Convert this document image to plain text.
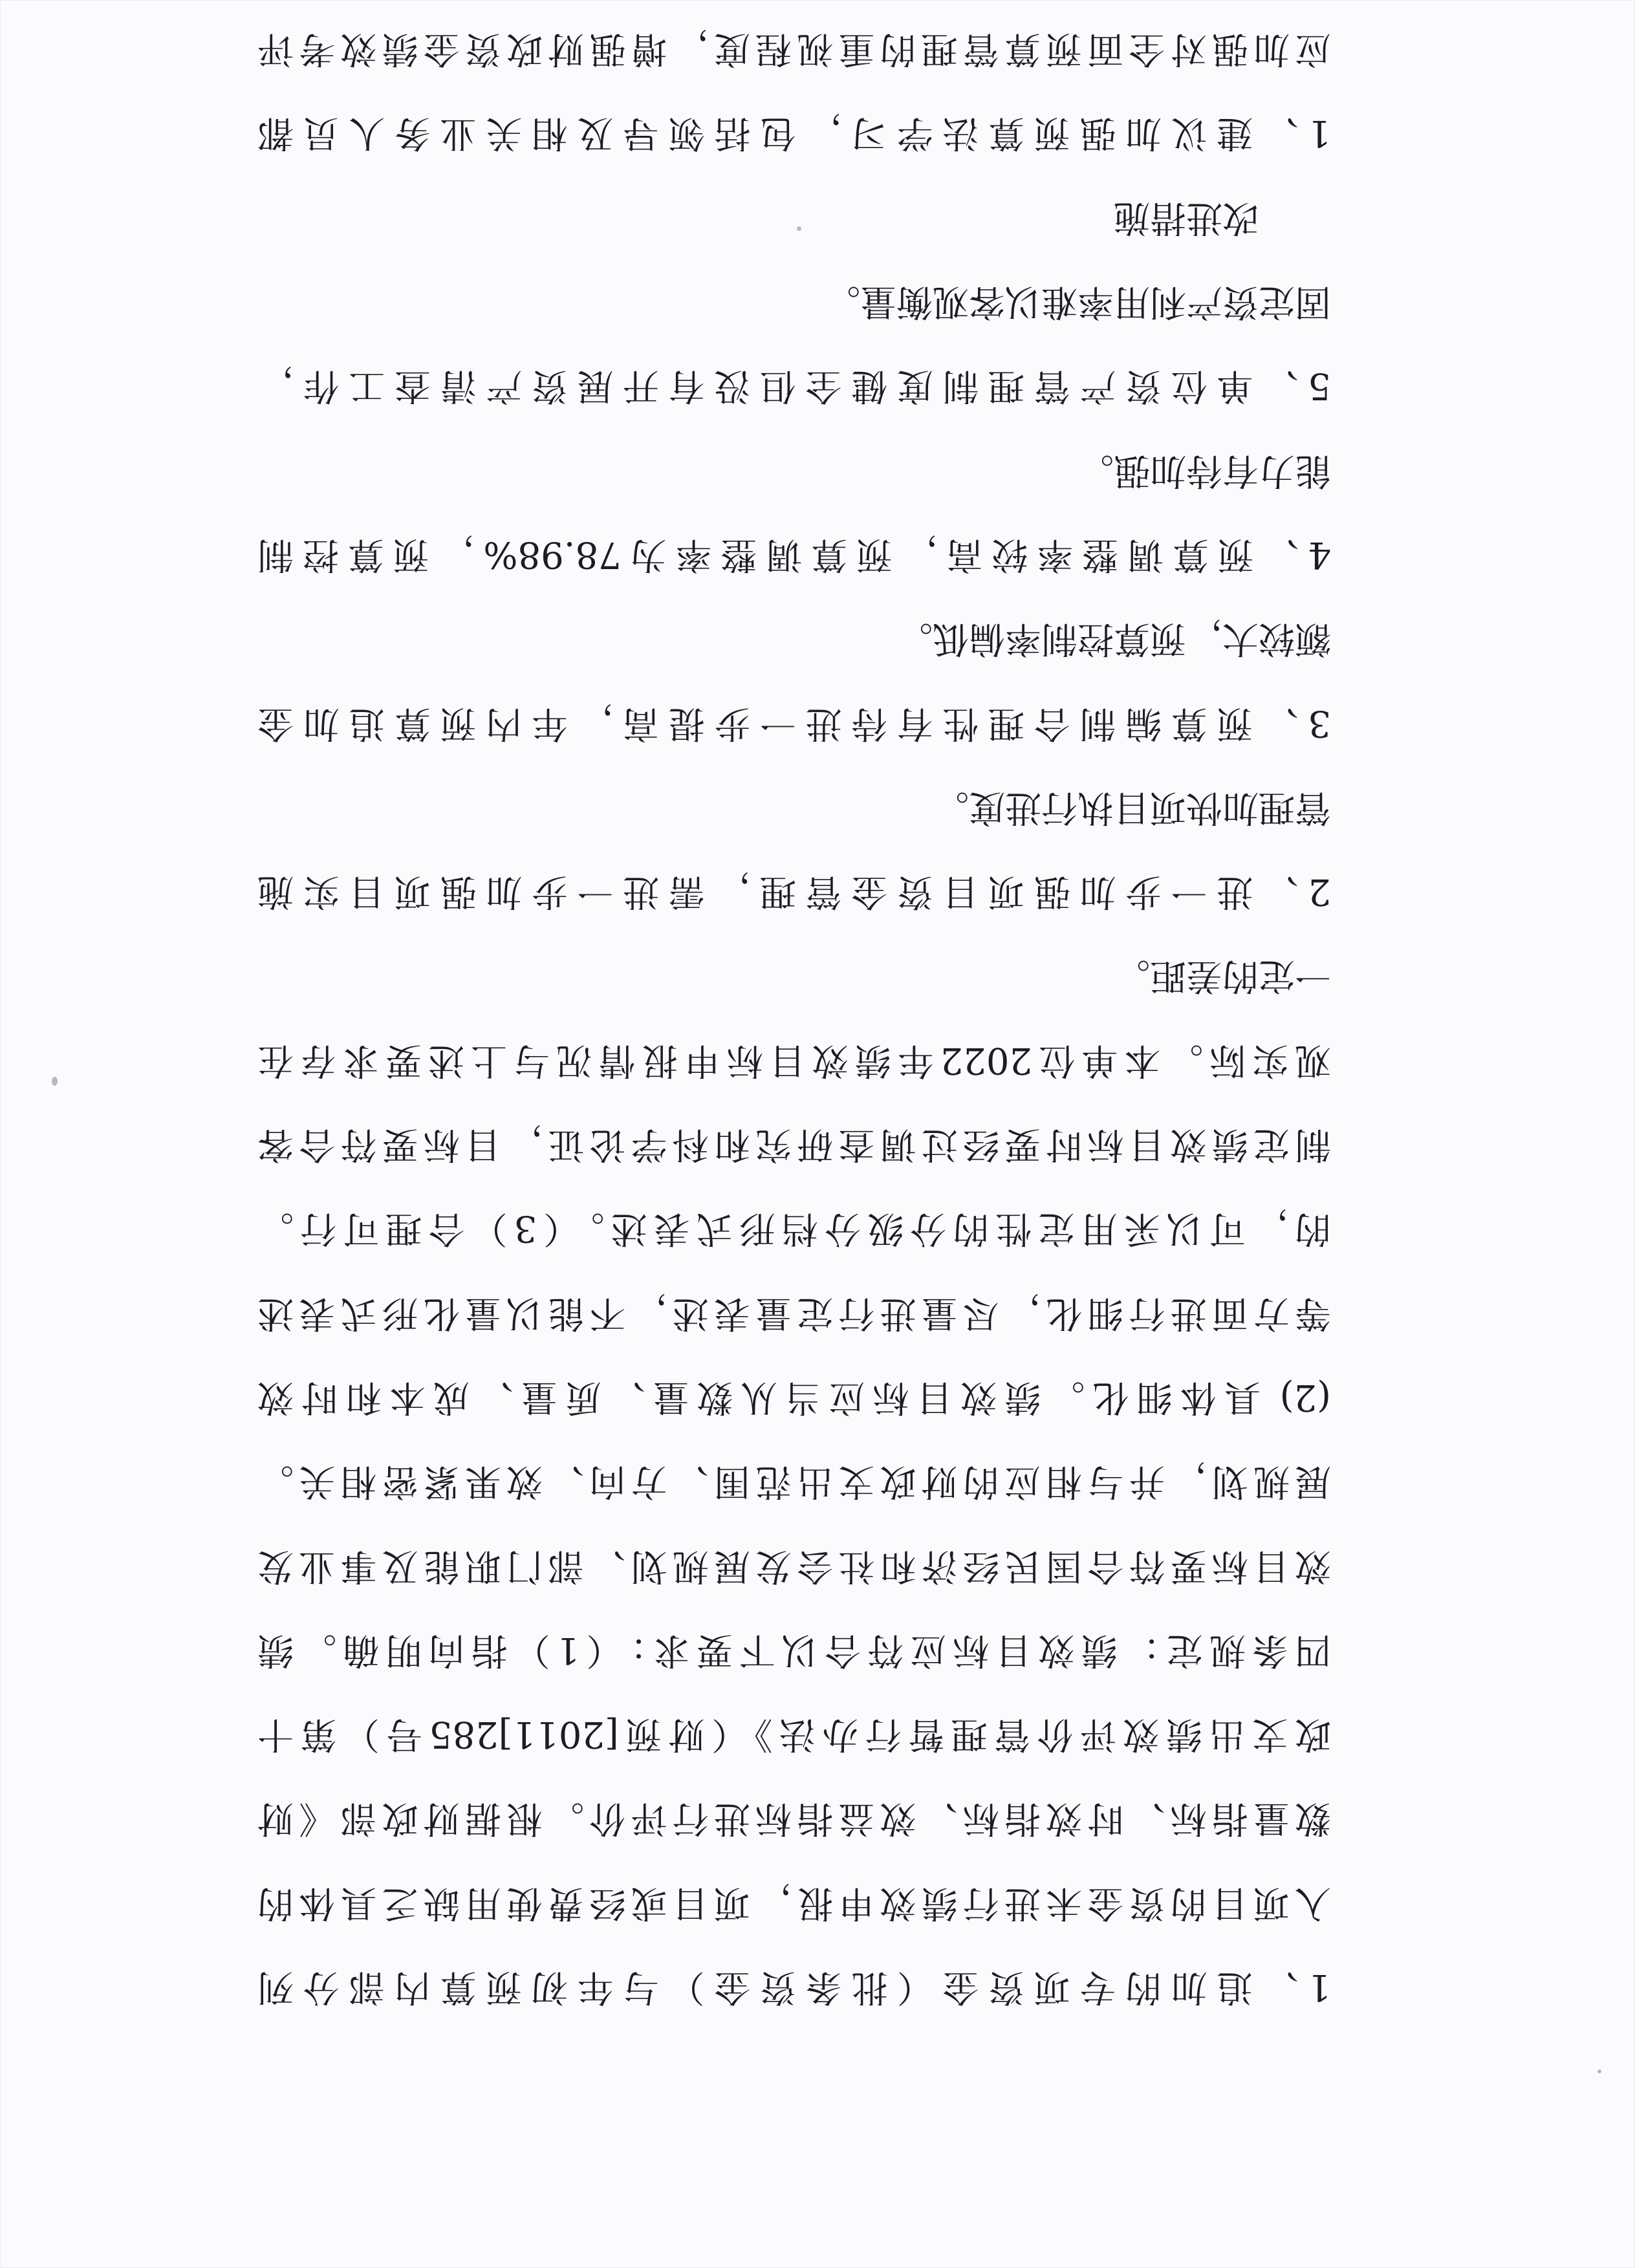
1、追加的专项资金（批条资金）与年初预算内部分列
入项目的资金未进行绩效申报，项目或经费使用缺乏具体的
数量指标、时效指标、效益指标进行评价。根据财政部《财
政支出绩效评价管理暂行办法》（财预[2011]285号）第十
四条规定：绩效目标应符合以下要求：（1）指向明确。绩
效目标要符合国民经济和社会发展规划、部门职能及事业发
展规划，并与相应的财政支出范围、方向、效果紧密相关。
(2) 具体细化。绩效目标应当从数量、质量、成本和时效
等方面进行细化，尽量进行定量表述，不能以量化形式表述
的，可以采用定性的分级分档形式表述。（3）合理可行。
制定绩效目标时要经过调查研究和科学论证，目标要符合客
观实际。本单位2022年绩效目标申报情况与上述要求存在
一定的差距。
2、进一步加强项目资金管理，需进一步加强项目实施
管理加快项目执行进度。
3、预算编制合理性有待进一步提高，年内预算追加金
额较大，预算控制率偏低。
4、预算调整率较高，预算调整率为78.98%，预算控制
能力有待加强。
5、单位资产管理制度健全但没有开展资产清查工作，
固定资产利用率难以客观衡量。
改进措施
1、建议加强预算法学习，包括领导及相关业务人员都
应加强对全面预算管理的重视程度，增强财政资金绩效考评
